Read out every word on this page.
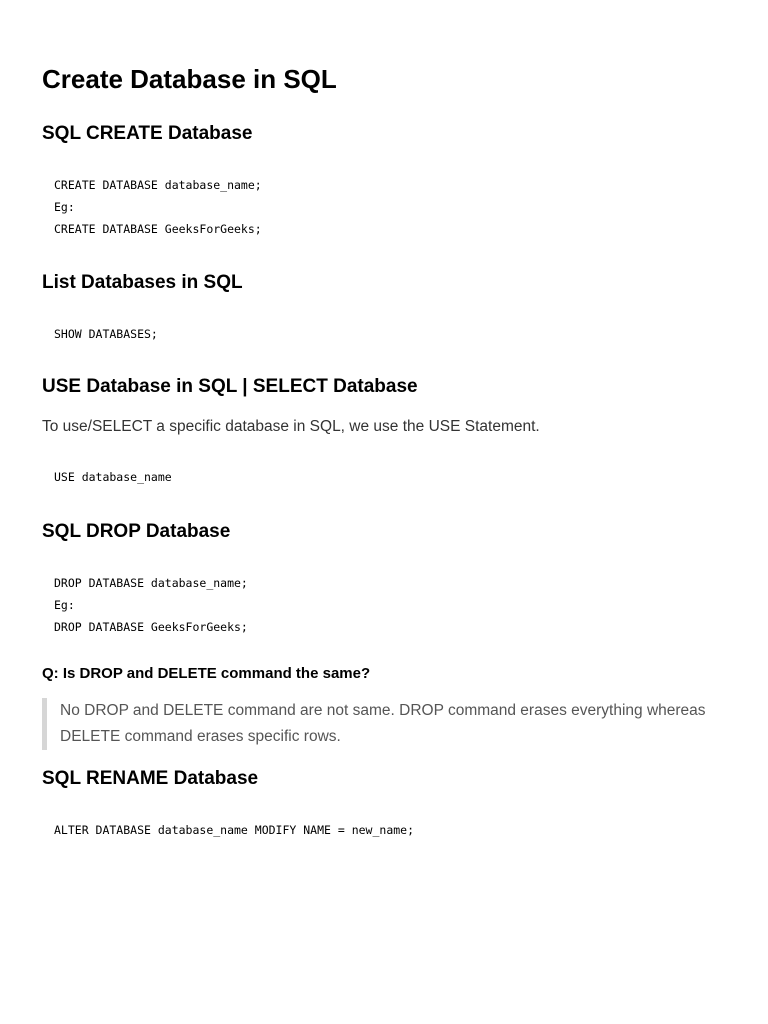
Create Database in SQL
SQL CREATE Database
CREATE DATABASE database_name;
Eg:
CREATE DATABASE GeeksForGeeks;
List Databases in SQL
SHOW DATABASES;
USE Database in SQL | SELECT Database

To use/SELECT a specific database in SQL, we use the USE Statement.

USE database_name
SQL DROP Database
DROP DATABASE database_name;
Eg:
DROP DATABASE GeeksForGeeks;
Q: Is DROP and DELETE command the same?
No DROP and DELETE command are not same. DROP command erases everything whereas
DELETE command erases specific rows.
SQL RENAME Database
ALTER DATABASE database_name MODIFY NAME = new_name;
